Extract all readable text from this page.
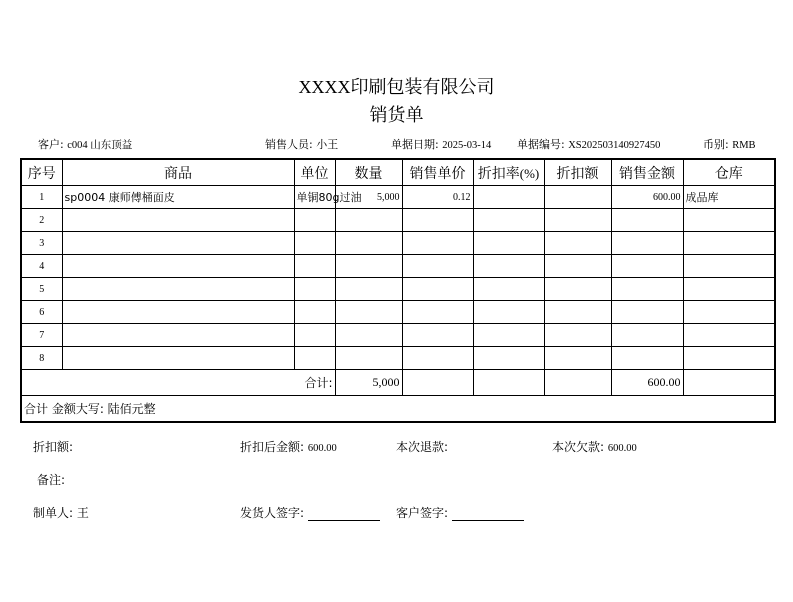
XXXX印刷包装有限公司
销货单
客户: c004 山东顶益	销售人员: 小王	单据日期: 2025-03-14 单据编号: XS202503140927450	币别: RMB
序号	商品	单位	数量	销售单价	折扣率(%)	折扣额	销售金额	仓库
1	sp0004 康师傅桶面皮	单铜80g过油	5,000	0.12			600.00	成品库
2								
3								
4								
5								
6								
7								
8								
合计:			5,000				600.00	
合计 金额大写: 陆佰元整								
折扣额:	折扣后金额: 600.00	本次退款:	本次欠款: 600.00
备注:
制单人: 王	发货人签字:	客户签字:
